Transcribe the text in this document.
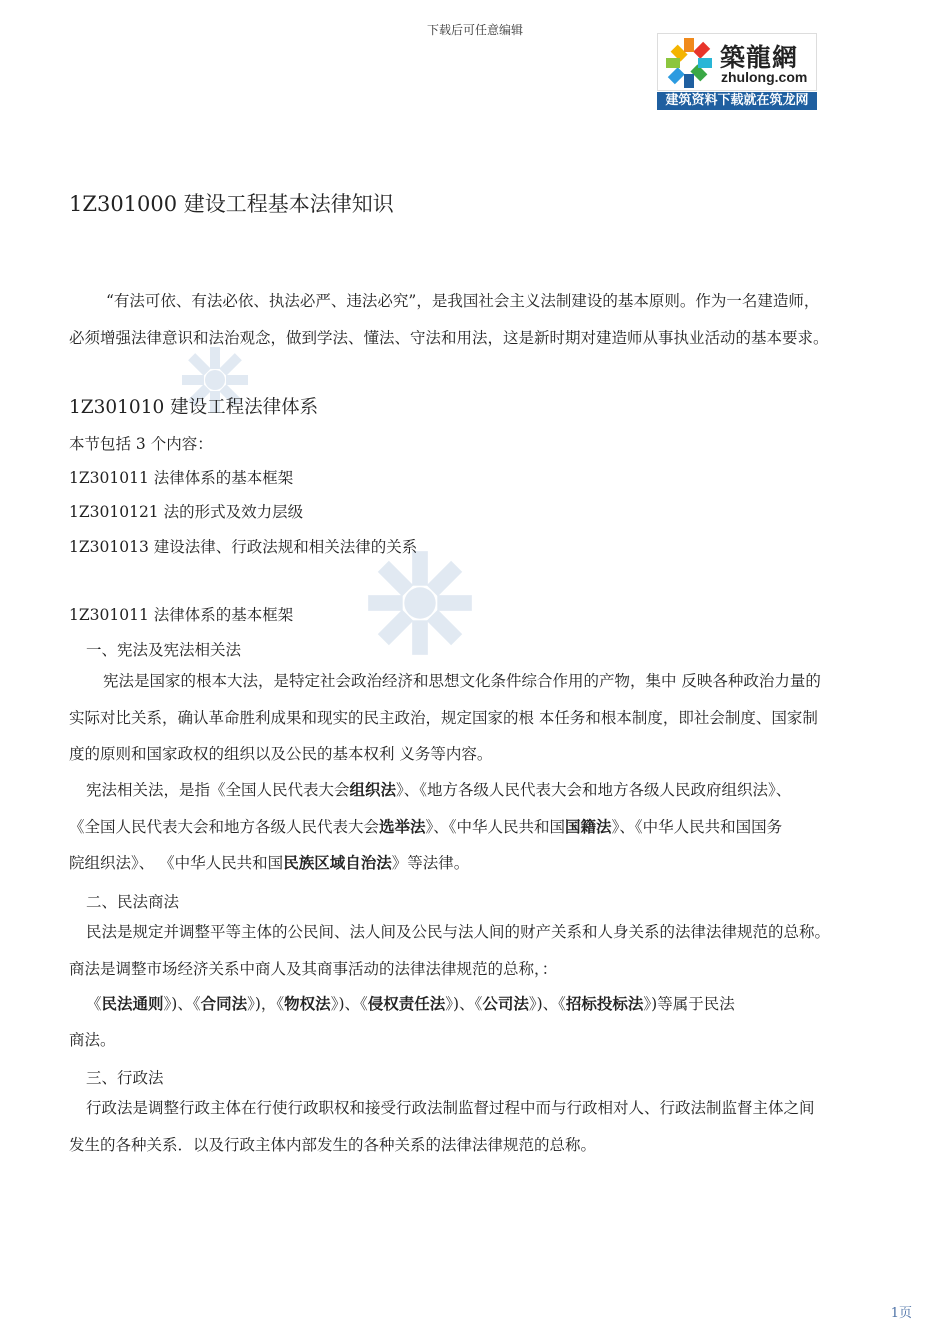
下载后可任意编辑
築龍網
zhulong.com
建筑资料下载就在筑龙网
1Z301000 建设工程基本法律知识
“有法可依、有法必依、执法必严、违法必究”，是我国社会主义法制建设的基本原则。作为一名建造师，
必须增强法律意识和法治观念，做到学法、懂法、守法和用法，这是新时期对建造师从事执业活动的基本要求。
1Z301010 建设工程法律体系
本节包括 3 个内容：
1Z301011 法律体系的基本框架
1Z3010121 法的形式及效力层级
1Z301013 建设法律、行政法规和相关法律的关系
1Z301011 法律体系的基本框架
一、宪法及宪法相关法
宪法是国家的根本大法，是特定社会政治经济和思想文化条件综合作用的产物，集中 反映各种政治力量的
实际对比关系，确认革命胜利成果和现实的民主政治，规定国家的根 本任务和根本制度，即社会制度、国家制
度的原则和国家政权的组织以及公民的基本权利 义务等内容。
宪法相关法，是指《全国人民代表大会组织法》、《地方各级人民代表大会和地方各级人民政府组织法》、
《全国人民代表大会和地方各级人民代表大会选举法》、《中华人民共和国国籍法》、《中华人民共和国国务
院组织法》、 《中华人民共和国民族区域自治法》等法律。
二、民法商法
民法是规定并调整平等主体的公民间、法人间及公民与法人间的财产关系和人身关系的法律法律规范的总称。
商法是调整市场经济关系中商人及其商事活动的法律法律规范的总称，：
《民法通则》)、《合同法》)，《物权法》)、《侵权责任法》)、《公司法》)、《招标投标法》)等属于民法
商法。
三、行政法
行政法是调整行政主体在行使行政职权和接受行政法制监督过程中而与行政相对人、行政法制监督主体之间
发生的各种关系．以及行政主体内部发生的各种关系的法律法律规范的总称。
1页
